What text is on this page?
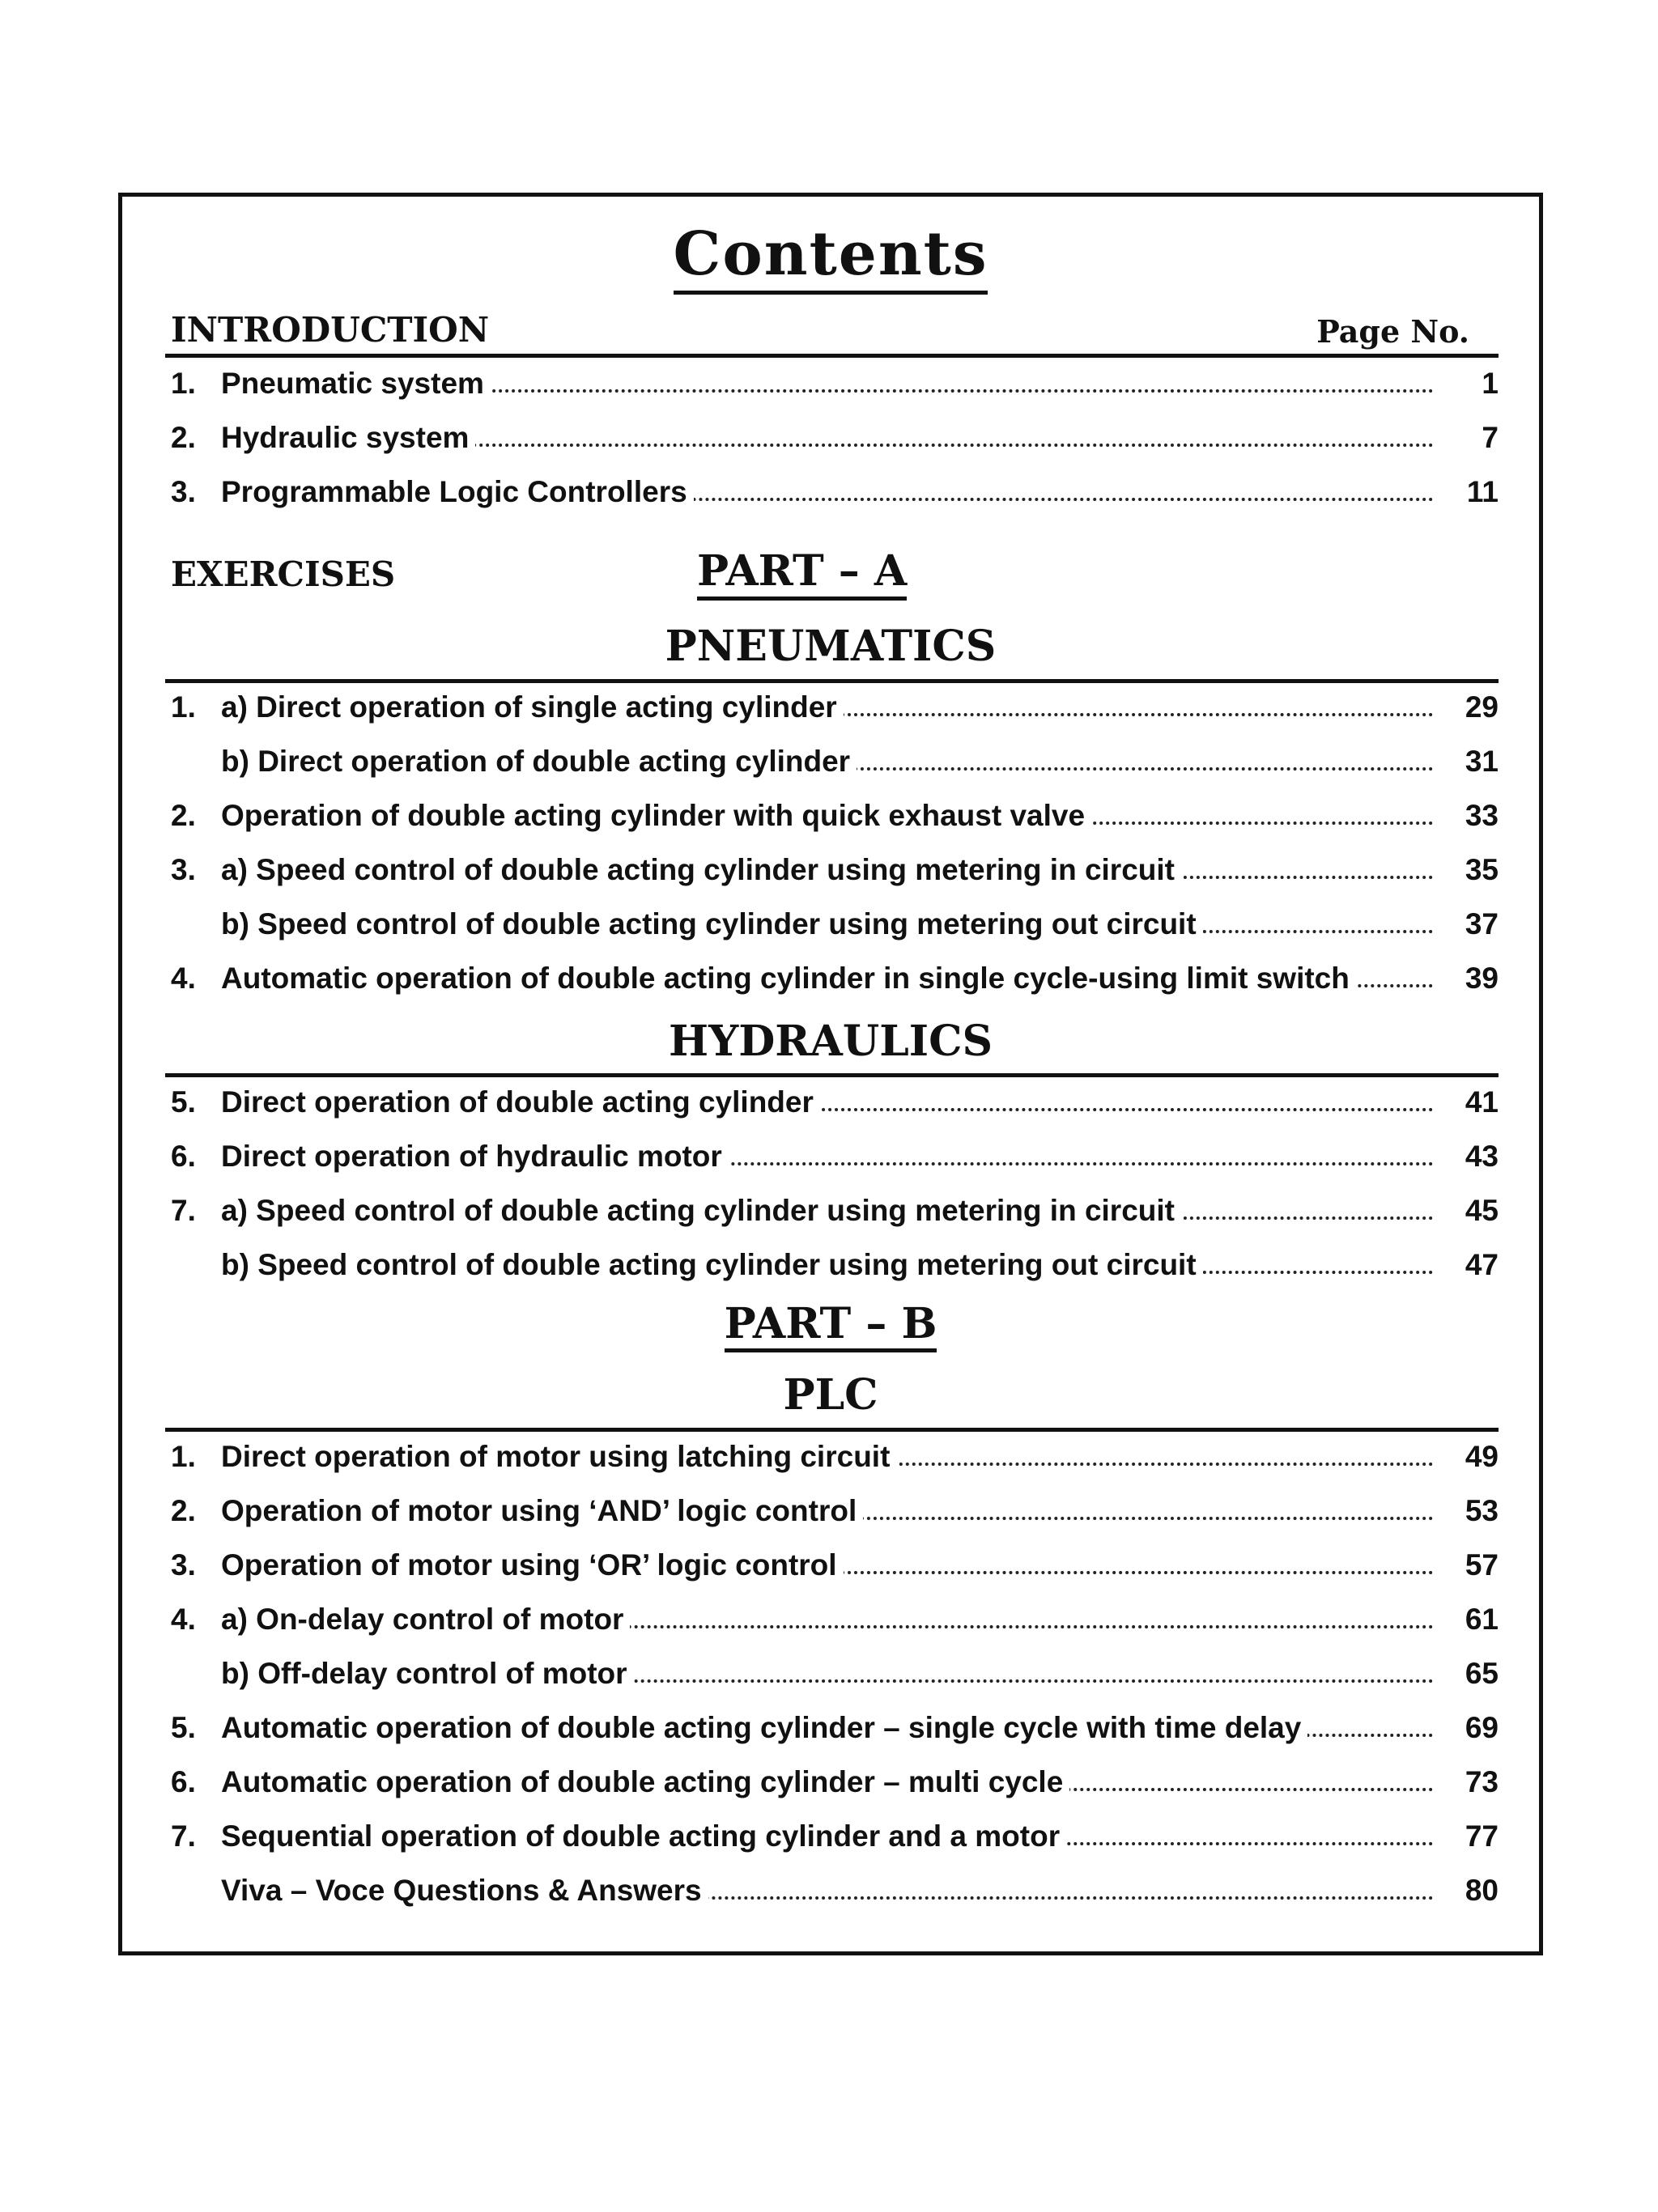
Contents
INTRODUCTION	Page No.
1. Pneumatic system	1
2. Hydraulic system	7
3. Programmable Logic Controllers	11
EXERCISES	PART – A
PNEUMATICS
1. a) Direct operation of single acting cylinder	29
b) Direct operation of double acting cylinder	31
2. Operation of double acting cylinder with quick exhaust valve	33
3. a) Speed control of double acting cylinder using metering in circuit	35
b) Speed control of double acting cylinder using metering out circuit	37
4. Automatic operation of double acting cylinder in single cycle-using limit switch	39
HYDRAULICS
5. Direct operation of double acting cylinder	41
6. Direct operation of hydraulic motor	43
7. a) Speed control of double acting cylinder using metering in circuit	45
b) Speed control of double acting cylinder using metering out circuit	47
PART – B
PLC
1. Direct operation of motor using latching circuit	49
2. Operation of motor using ‘AND’ logic control	53
3. Operation of motor using ‘OR’ logic control	57
4. a) On-delay control of motor	61
b) Off-delay control of motor	65
5. Automatic operation of double acting cylinder – single cycle with time delay	69
6. Automatic operation of double acting cylinder – multi cycle	73
7. Sequential operation of double acting cylinder and a motor	77
Viva – Voce Questions & Answers	80
